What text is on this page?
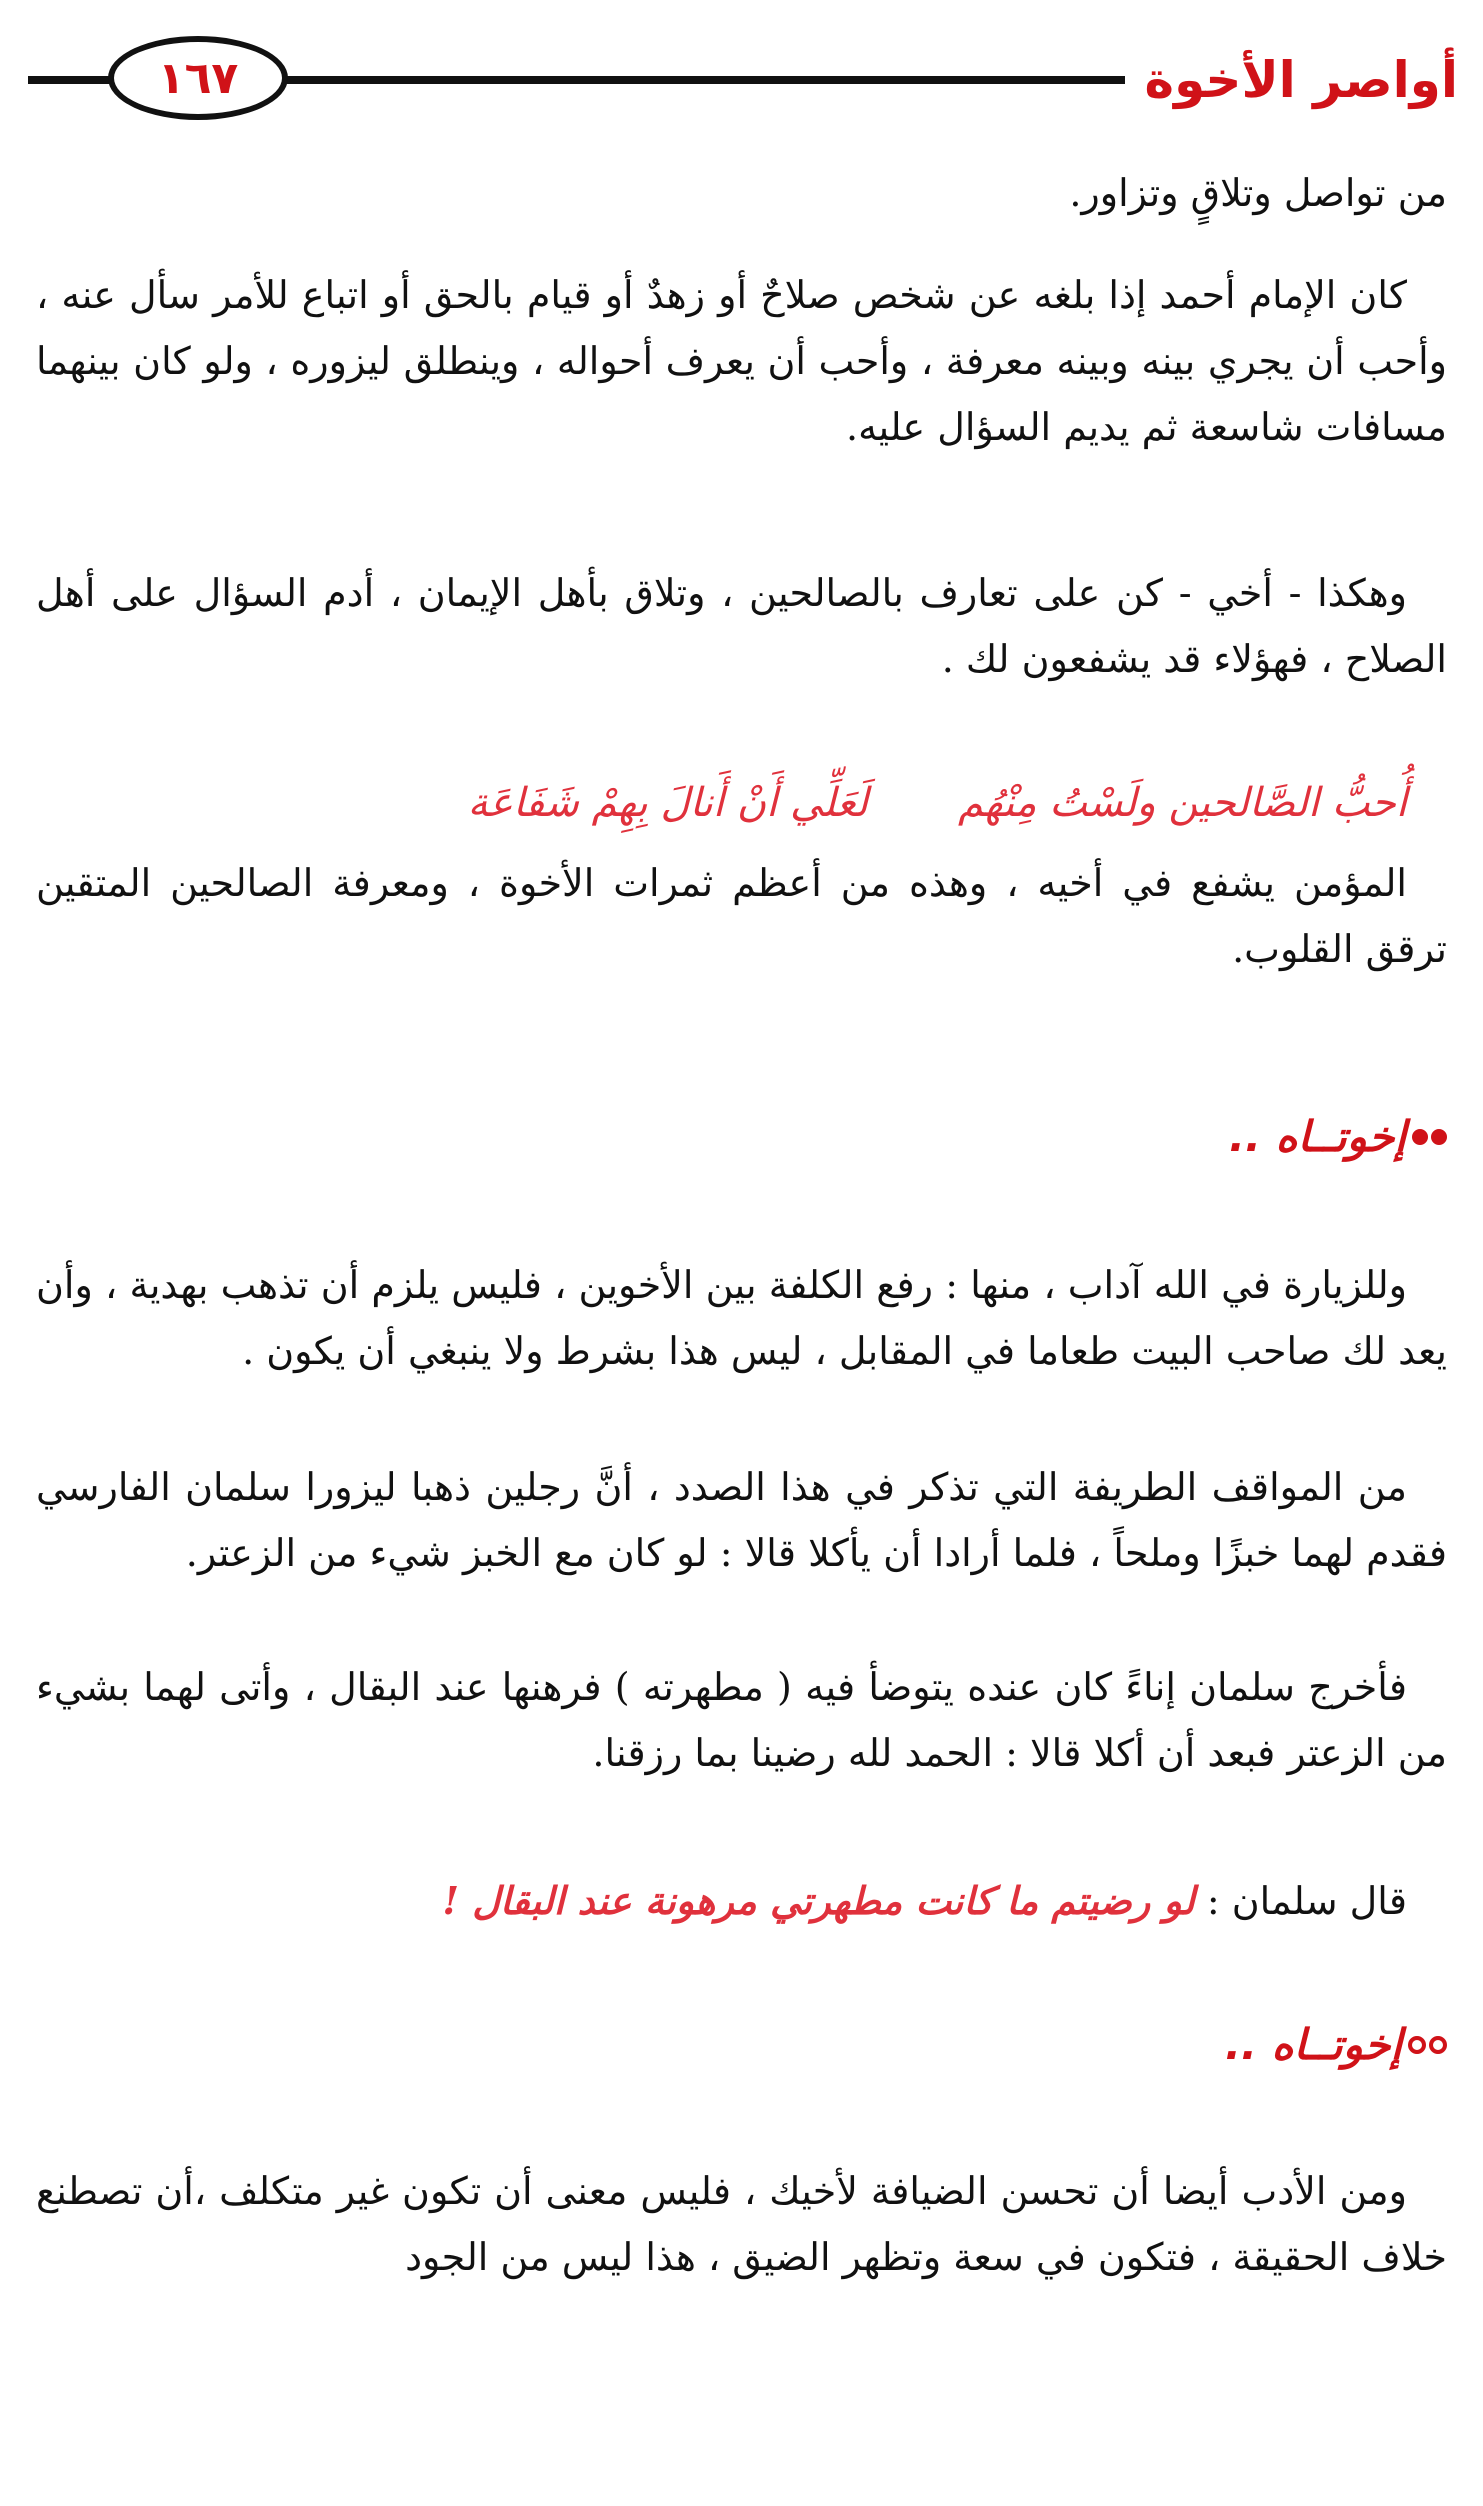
أواصر الأخوة
١٦٧

من تواصل وتلاقٍ وتزاور.

كان الإمام أحمد إذا بلغه عن شخص صلاحٌ أو زهدٌ أو قيام بالحق أو اتباع للأمر سأل عنه ، وأحب أن يجري بينه وبينه معرفة ، وأحب أن يعرف أحواله ، وينطلق ليزوره ، ولو كان بينهما مسافات شاسعة ثم يديم السؤال عليه.

وهكذا - أخي - كن على تعارف بالصالحين ، وتلاق بأهل الإيمان ، أدم السؤال على أهل الصلاح ، فهؤلاء قد يشفعون لك .

أُحبُّ الصَّالحين ولَسْتُ مِنْهُم
لَعَلِّي أَنْ أَنالَ بِهِمْ شَفَاعَة

المؤمن يشفع في أخيه ، وهذه من أعظم ثمرات الأخوة ، ومعرفة الصالحين المتقين ترقق القلوب.

إخوتــاه ..

وللزيارة في الله آداب ، منها : رفع الكلفة بين الأخوين ، فليس يلزم أن تذهب بهدية ، وأن يعد لك صاحب البيت طعاما في المقابل ، ليس هذا بشرط ولا ينبغي أن يكون .

من المواقف الطريفة التي تذكر في هذا الصدد ، أنَّ رجلين ذهبا ليزورا سلمان الفارسي فقدم لهما خبزًا وملحاً ، فلما أرادا أن يأكلا قالا : لو كان مع الخبز شيء من الزعتر.

فأخرج سلمان إناءً كان عنده يتوضأ فيه ( مطهرته ) فرهنها عند البقال ، وأتى لهما بشيء من الزعتر فبعد أن أكلا قالا : الحمد لله رضينا بما رزقنا.

قال سلمان : لو رضيتم ما كانت مطهرتي مرهونة عند البقال !
إخوتــاه ..

ومن الأدب أيضا أن تحسن الضيافة لأخيك ، فليس معنى أن تكون غير متكلف ،أن تصطنع خلاف الحقيقة ، فتكون في سعة وتظهر الضيق ، هذا ليس من الجود
